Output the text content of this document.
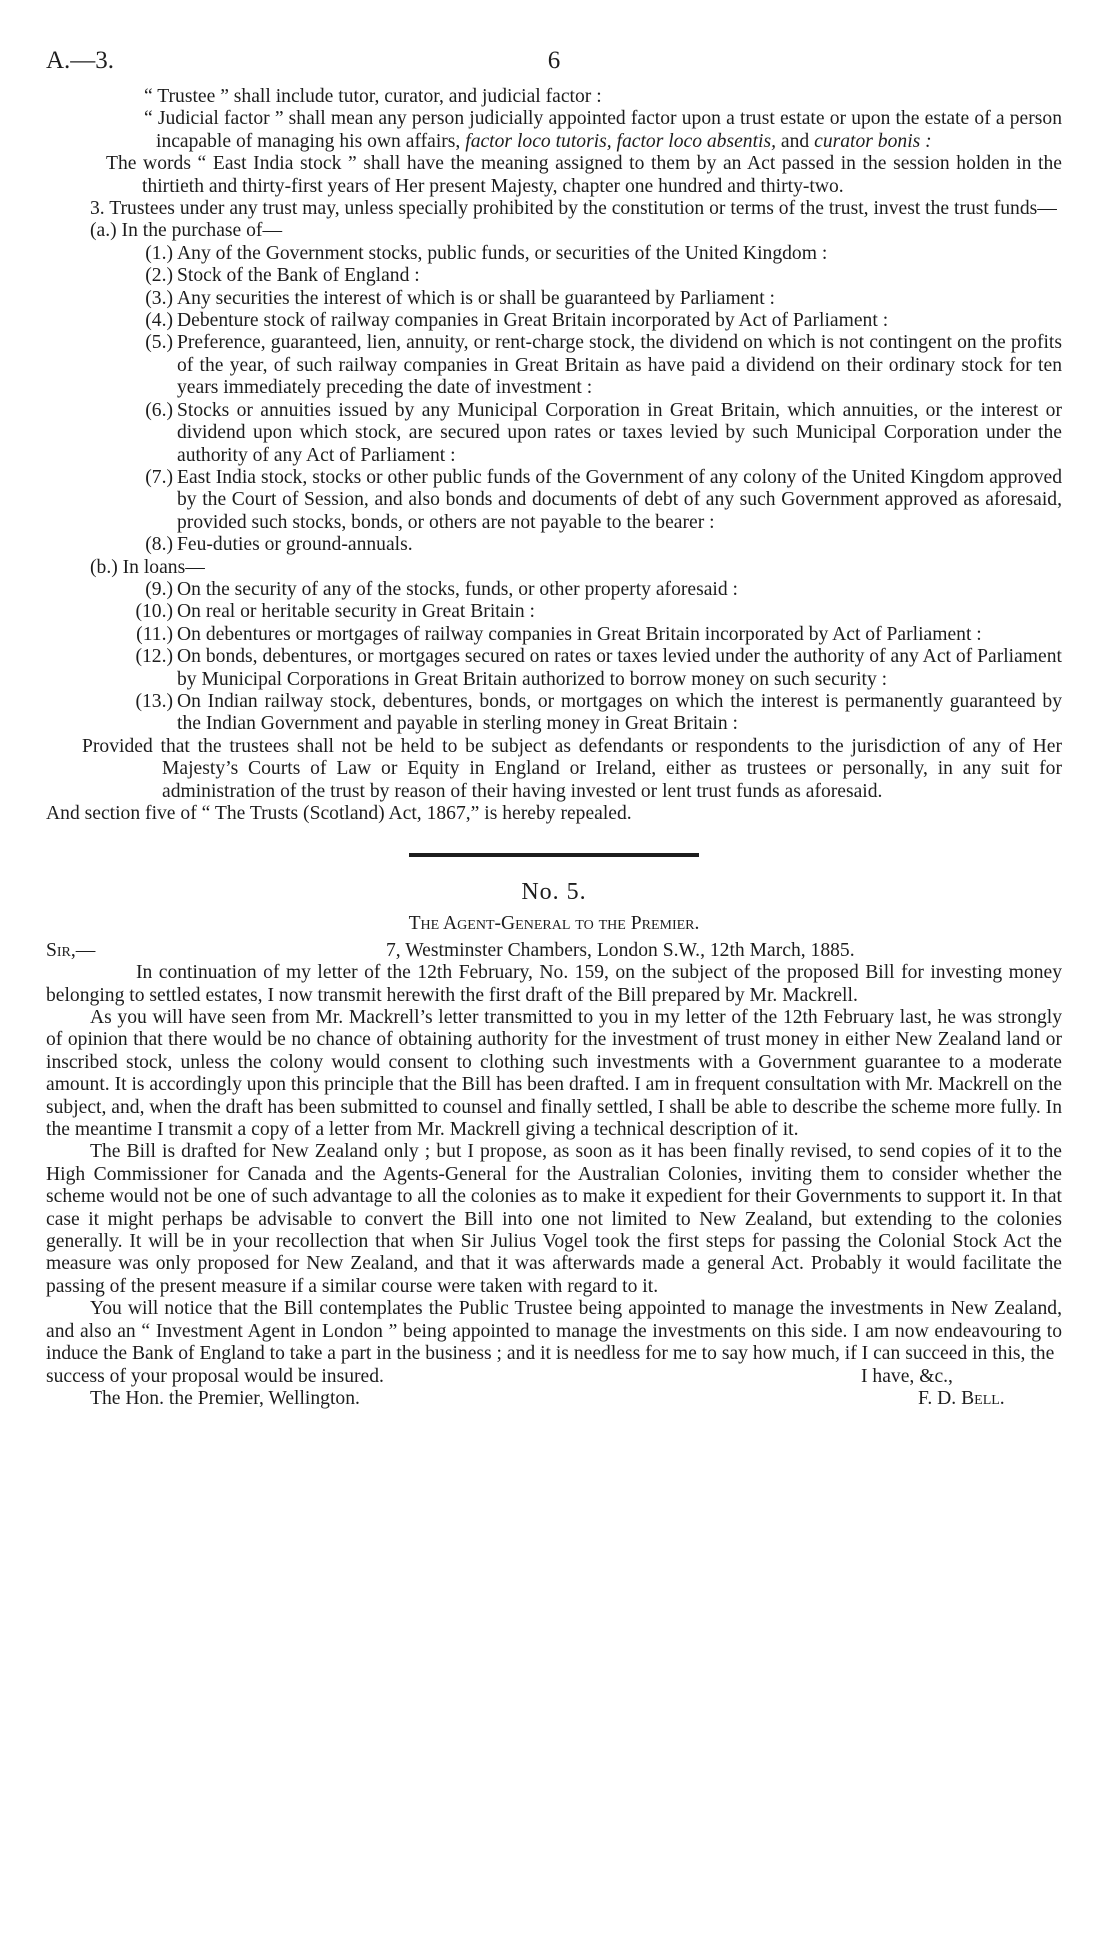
A.—3.	6

“ Trustee ” shall include tutor, curator, and judicial factor :

“ Judicial factor ” shall mean any person judicially appointed factor upon a trust estate or upon the estate of a person incapable of managing his own affairs, factor loco tutoris, factor loco absentis, and curator bonis :

The words “ East India stock ” shall have the meaning assigned to them by an Act passed in the session holden in the thirtieth and thirty-first years of Her present Majesty, chapter one hundred and thirty-two.

3. Trustees under any trust may, unless specially prohibited by the constitution or terms of the trust, invest the trust funds—

(a.) In the purchase of—

(1.) Any of the Government stocks, public funds, or securities of the United Kingdom :
(2.) Stock of the Bank of England :
(3.) Any securities the interest of which is or shall be guaranteed by Parliament :
(4.) Debenture stock of railway companies in Great Britain incorporated by Act of Parliament :
(5.) Preference, guaranteed, lien, annuity, or rent-charge stock, the dividend on which is not contingent on the profits of the year, of such railway companies in Great Britain as have paid a dividend on their ordinary stock for ten years immediately preceding the date of investment :
(6.) Stocks or annuities issued by any Municipal Corporation in Great Britain, which annuities, or the interest or dividend upon which stock, are secured upon rates or taxes levied by such Municipal Corporation under the authority of any Act of Parliament :
(7.) East India stock, stocks or other public funds of the Government of any colony of the United Kingdom approved by the Court of Session, and also bonds and documents of debt of any such Government approved as aforesaid, provided such stocks, bonds, or others are not payable to the bearer :
(8.) Feu-duties or ground-annuals.

(b.) In loans—

(9.) On the security of any of the stocks, funds, or other property aforesaid :
(10.) On real or heritable security in Great Britain :
(11.) On debentures or mortgages of railway companies in Great Britain incorporated by Act of Parliament :
(12.) On bonds, debentures, or mortgages secured on rates or taxes levied under the authority of any Act of Parliament by Municipal Corporations in Great Britain authorized to borrow money on such security :
(13.) On Indian railway stock, debentures, bonds, or mortgages on which the interest is permanently guaranteed by the Indian Government and payable in sterling money in Great Britain :

Provided that the trustees shall not be held to be subject as defendants or respondents to the jurisdiction of any of Her Majesty’s Courts of Law or Equity in England or Ireland, either as trustees or personally, in any suit for administration of the trust by reason of their having invested or lent trust funds as aforesaid.

And section five of “ The Trusts (Scotland) Act, 1867,” is hereby repealed.

No. 5.
The Agent-General to the Premier.
Sir,—	7, Westminster Chambers, London S.W., 12th March, 1885.

In continuation of my letter of the 12th February, No. 159, on the subject of the proposed Bill for investing money belonging to settled estates, I now transmit herewith the first draft of the Bill prepared by Mr. Mackrell.

As you will have seen from Mr. Mackrell’s letter transmitted to you in my letter of the 12th February last, he was strongly of opinion that there would be no chance of obtaining authority for the investment of trust money in either New Zealand land or inscribed stock, unless the colony would consent to clothing such investments with a Government guarantee to a moderate amount. It is accordingly upon this principle that the Bill has been drafted. I am in frequent consultation with Mr. Mackrell on the subject, and, when the draft has been submitted to counsel and finally settled, I shall be able to describe the scheme more fully. In the meantime I transmit a copy of a letter from Mr. Mackrell giving a technical description of it.

The Bill is drafted for New Zealand only ; but I propose, as soon as it has been finally revised, to send copies of it to the High Commissioner for Canada and the Agents-General for the Australian Colonies, inviting them to consider whether the scheme would not be one of such advantage to all the colonies as to make it expedient for their Governments to support it. In that case it might perhaps be advisable to convert the Bill into one not limited to New Zealand, but extending to the colonies generally. It will be in your recollection that when Sir Julius Vogel took the first steps for passing the Colonial Stock Act the measure was only proposed for New Zealand, and that it was afterwards made a general Act. Probably it would facilitate the passing of the present measure if a similar course were taken with regard to it.

You will notice that the Bill contemplates the Public Trustee being appointed to manage the investments in New Zealand, and also an “ Investment Agent in London ” being appointed to manage the investments on this side. I am now endeavouring to induce the Bank of England to take a part in the business ; and it is needless for me to say how much, if I can succeed in this, the

success of your proposal would be insured.	I have, &c.,
The Hon. the Premier, Wellington.	F. D. Bell.
